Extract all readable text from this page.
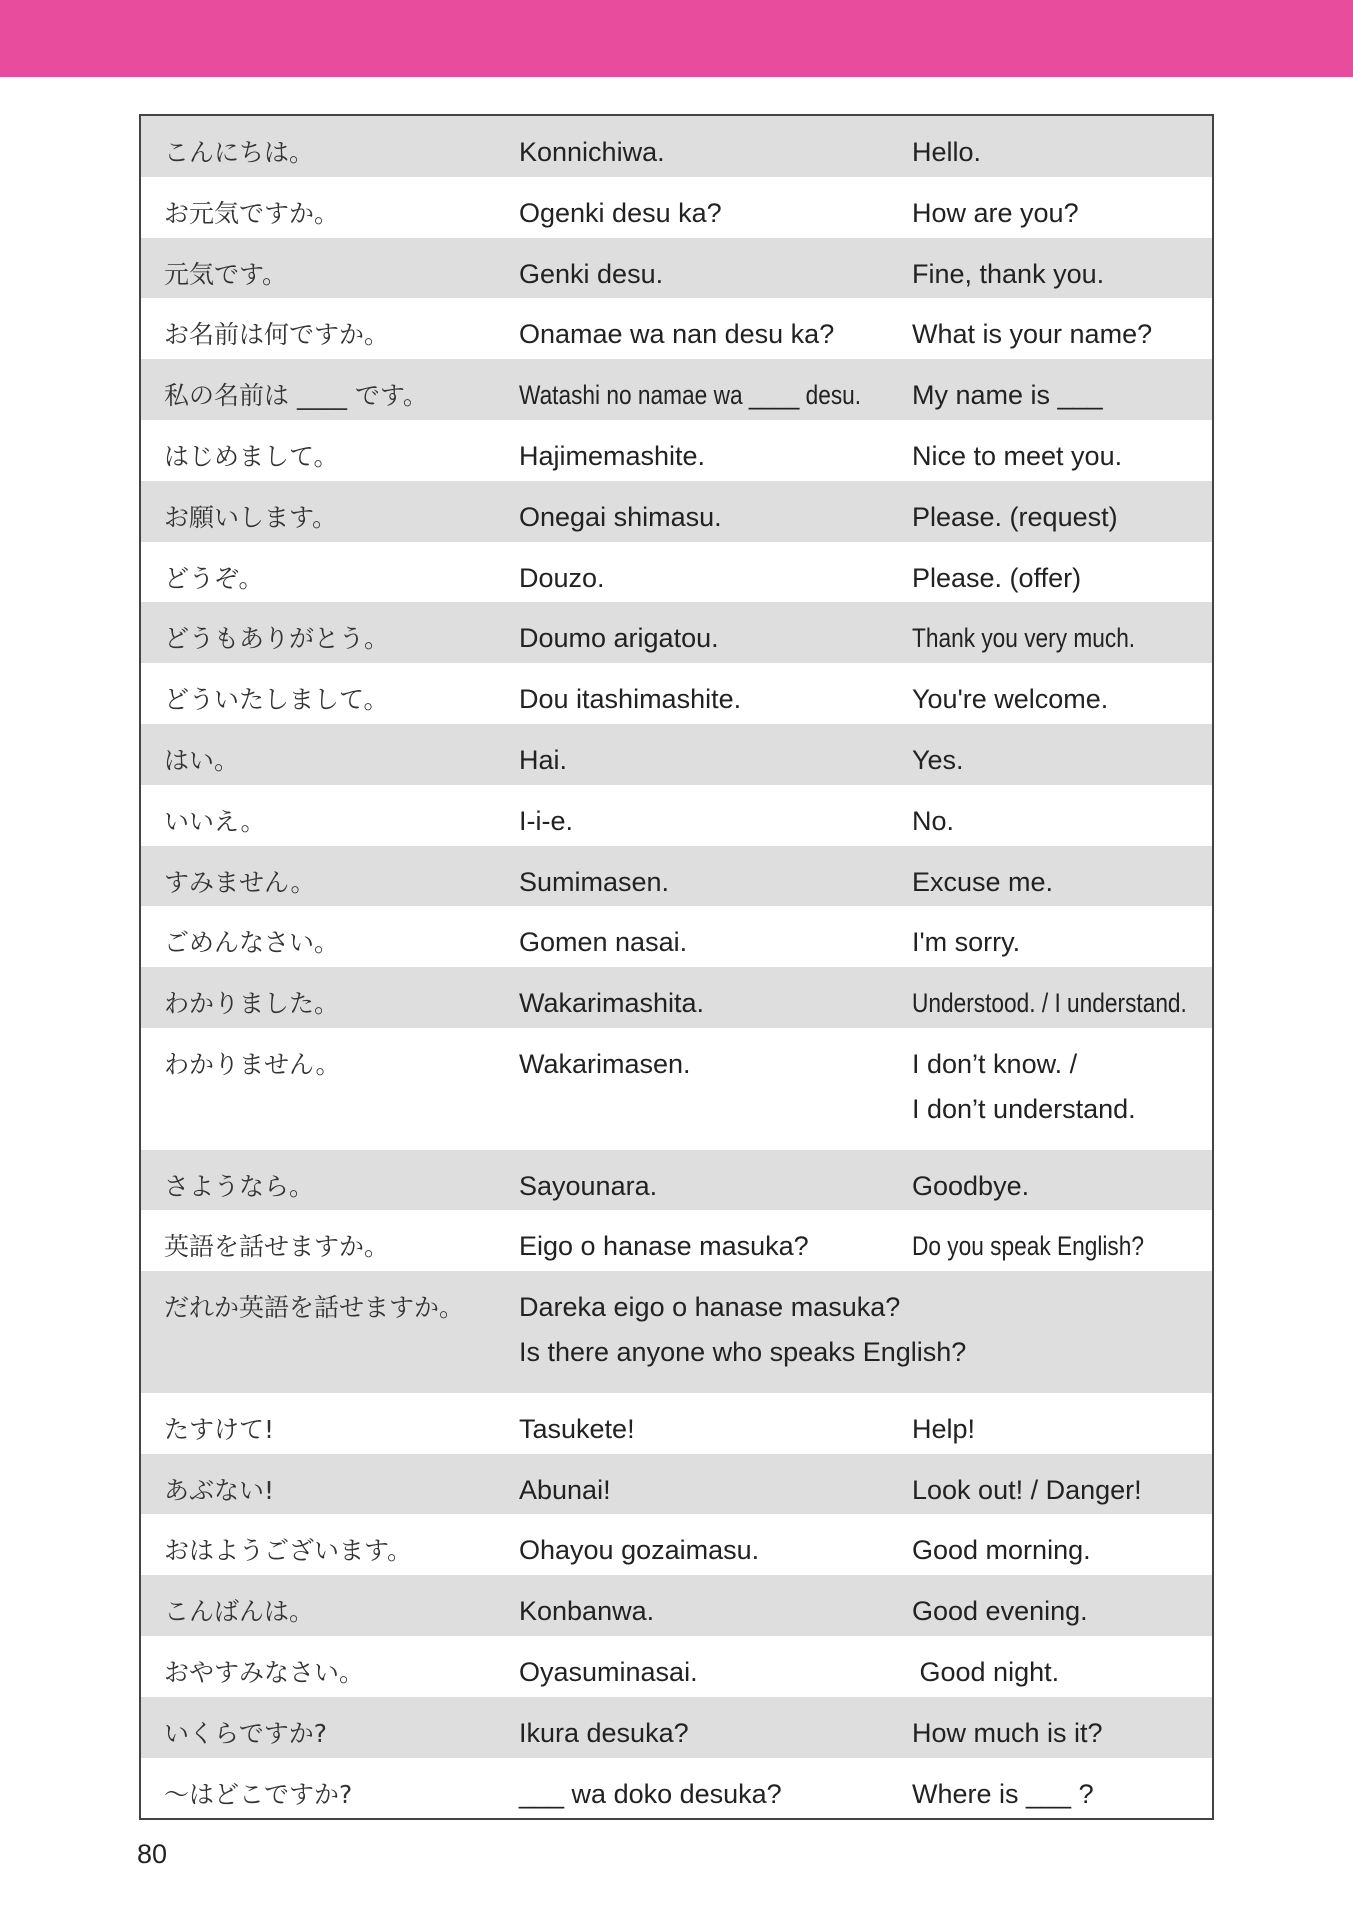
こんにちは。	Konnichiwa.	Hello.
お元気ですか。	Ogenki desu ka?	How are you?
元気です。	Genki desu.	Fine, thank you.
お名前は何ですか。	Onamae wa nan desu ka?	What is your name?
私の名前は ____ です。	Watashi no namae wa ____ desu.	My name is ___
はじめまして。	Hajimemashite.	Nice to meet you.
お願いします。	Onegai shimasu.	Please. (request)
どうぞ。	Douzo.	Please. (offer)
どうもありがとう。	Doumo arigatou.	Thank you very much.
どういたしまして。	Dou itashimashite.	You're welcome.
はい。	Hai.	Yes.
いいえ。	I-i-e.	No.
すみません。	Sumimasen.	Excuse me.
ごめんなさい。	Gomen nasai.	I'm sorry.
わかりました。	Wakarimashita.	Understood. / I understand.
わかりません。	Wakarimasen.	I don’t know. /
I don’t understand.
さようなら。	Sayounara.	Goodbye.
英語を話せますか。	Eigo o hanase masuka?	Do you speak English?
だれか英語を話せますか。 Dareka eigo o hanase masuka?
Is there anyone who speaks English?
たすけて!	Tasukete!	Help!
あぶない!	Abunai!	Look out! / Danger!
おはようございます。	Ohayou gozaimasu.	Good morning.
こんばんは。	Konbanwa.	Good evening.
おやすみなさい。	Oyasuminasai.	Good night.
いくらですか?	Ikura desuka?	How much is it?
～はどこですか?	___ wa doko desuka?	Where is ___ ?
80
